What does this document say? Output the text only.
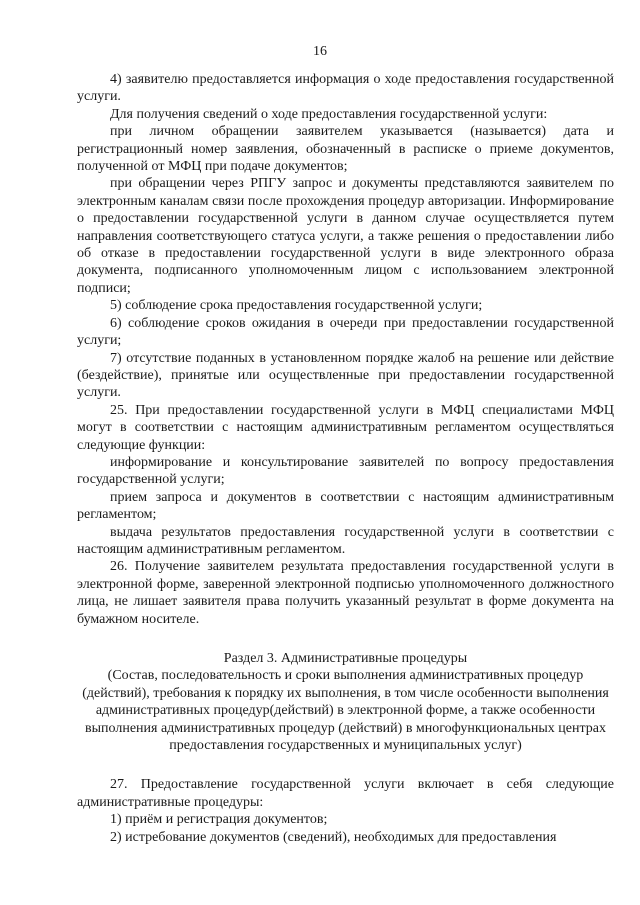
16

4) заявителю предоставляется информация о ходе предоставления государственной услуги.

Для получения сведений о ходе предоставления государственной услуги:

при личном обращении заявителем указывается (называется) дата и регистрационный номер заявления, обозначенный в расписке о приеме документов, полученной от МФЦ при подаче документов;

при обращении через РПГУ запрос и документы представляются заявителем по электронным каналам связи после прохождения процедур авторизации. Информирование о предоставлении государственной услуги в данном случае осуществляется путем направления соответствующего статуса услуги, а также решения о предоставлении либо об отказе в предоставлении государственной услуги в виде электронного образа документа, подписанного уполномоченным лицом с использованием электронной подписи;

5) соблюдение срока предоставления государственной услуги;

6) соблюдение сроков ожидания в очереди при предоставлении государственной услуги;

7) отсутствие поданных в установленном порядке жалоб на решение или действие (бездействие), принятые или осуществленные при предоставлении государственной услуги.

25. При предоставлении государственной услуги в МФЦ специалистами МФЦ могут в соответствии с настоящим административным регламентом осуществляться следующие функции:

информирование и консультирование заявителей по вопросу предоставления государственной услуги;

прием запроса и документов в соответствии с настоящим административным регламентом;

выдача результатов предоставления государственной услуги в соответствии с настоящим административным регламентом.

26. Получение заявителем результата предоставления государственной услуги в электронной форме, заверенной электронной подписью уполномоченного должностного лица, не лишает заявителя права получить указанный результат в форме документа на бумажном носителе.

Раздел 3. Административные процедуры

(Состав, последовательность и сроки выполнения административных процедур (действий), требования к порядку их выполнения, в том числе особенности выполнения административных процедур(действий) в электронной форме, а также особенности выполнения административных процедур (действий) в многофункциональных центрах предоставления государственных и муниципальных услуг)

27. Предоставление государственной услуги включает в себя следующие административные процедуры:

1) приём и регистрация документов;

2) истребование документов (сведений), необходимых для предоставления
